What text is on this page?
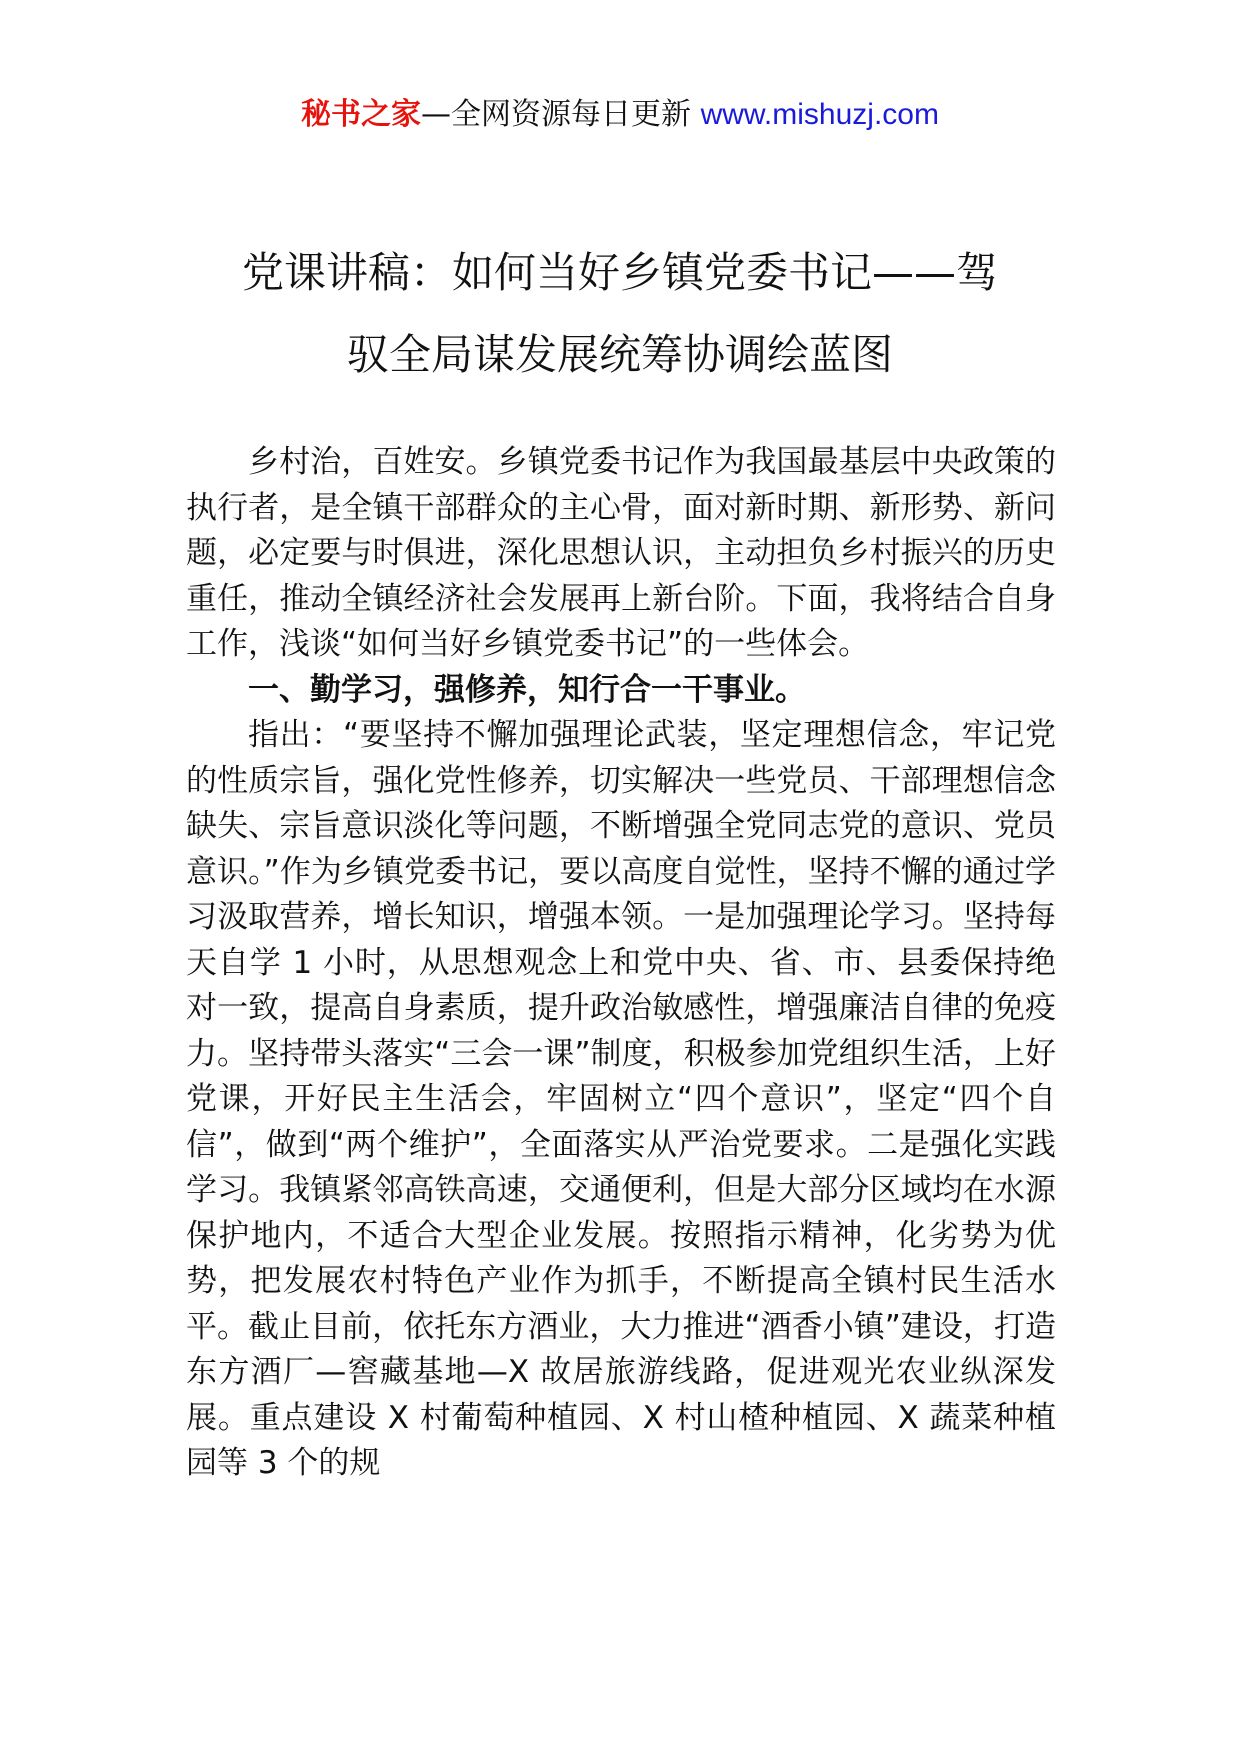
秘书之家—全网资源每日更新 www.mishuzj.com
党课讲稿：如何当好乡镇党委书记——驾
驭全局谋发展统筹协调绘蓝图

乡村治，百姓安。乡镇党委书记作为我国最基层中央政策的执行者，是全镇干部群众的主心骨，面对新时期、新形势、新问题，必定要与时俱进，深化思想认识，主动担负乡村振兴的历史重任，推动全镇经济社会发展再上新台阶。下面，我将结合自身工作，浅谈“如何当好乡镇党委书记”的一些体会。

一、勤学习，强修养，知行合一干事业。

指出：“要坚持不懈加强理论武装，坚定理想信念，牢记党的性质宗旨，强化党性修养，切实解决一些党员、干部理想信念缺失、宗旨意识淡化等问题，不断增强全党同志党的意识、党员意识。”作为乡镇党委书记，要以高度自觉性，坚持不懈的通过学习汲取营养，增长知识，增强本领。一是加强理论学习。坚持每天自学 1 小时，从思想观念上和党中央、省、市、县委保持绝对一致，提高自身素质，提升政治敏感性，增强廉洁自律的免疫力。坚持带头落实“三会一课”制度，积极参加党组织生活，上好党课，开好民主生活会，牢固树立“四个意识”，坚定“四个自信”，做到“两个维护”，全面落实从严治党要求。二是强化实践学习。我镇紧邻高铁高速，交通便利，但是大部分区域均在水源保护地内，不适合大型企业发展。按照指示精神，化劣势为优势，把发展农村特色产业作为抓手，不断提高全镇村民生活水平。截止目前，依托东方酒业，大力推进“酒香小镇”建设，打造东方酒厂—窖藏基地—X 故居旅游线路，促进观光农业纵深发展。重点建设 X 村葡萄种植园、X 村山楂种植园、X 蔬菜种植园等 3 个的规
